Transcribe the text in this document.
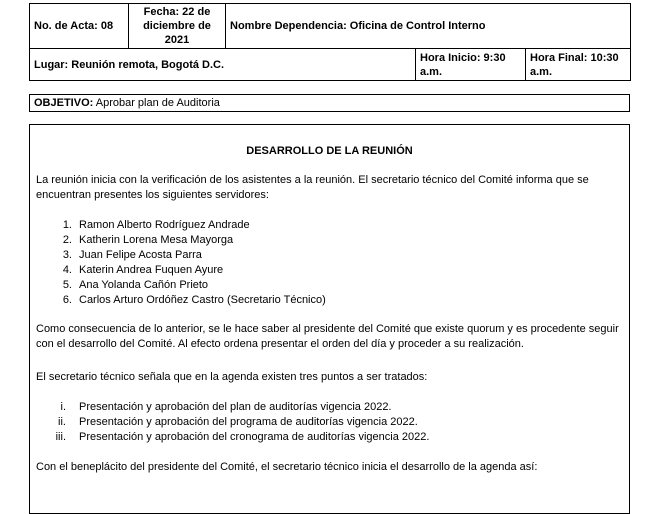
No. de Acta: 08	Fecha: 22 de diciembre de 2021	Nombre Dependencia: Oficina de Control Interno		
Lugar: Reunión remota, Bogotá D.C.			Hora Inicio: 9:30 a.m.	Hora Final: 10:30 a.m.
OBJETIVO: Aprobar plan de Auditoria
DESARROLLO DE LA REUNIÓN

La reunión inicia con la verificación de los asistentes a la reunión. El secretario técnico del Comité informa que se encuentran presentes los siguientes servidores:

1. Ramon Alberto Rodríguez Andrade
2. Katherin Lorena Mesa Mayorga
3. Juan Felipe Acosta Parra
4. Katerin Andrea Fuquen Ayure
5. Ana Yolanda Cañón Prieto
6. Carlos Arturo Ordóñez Castro (Secretario Técnico)

Como consecuencia de lo anterior, se le hace saber al presidente del Comité que existe quorum y es procedente seguir con el desarrollo del Comité. Al efecto ordena presentar el orden del día y proceder a su realización.

El secretario técnico señala que en la agenda existen tres puntos a ser tratados:

i. Presentación y aprobación del plan de auditorías vigencia 2022.
ii. Presentación y aprobación del programa de auditorías vigencia 2022.
iii. Presentación y aprobación del cronograma de auditorías vigencia 2022.

Con el beneplácito del presidente del Comité, el secretario técnico inicia el desarrollo de la agenda así:
